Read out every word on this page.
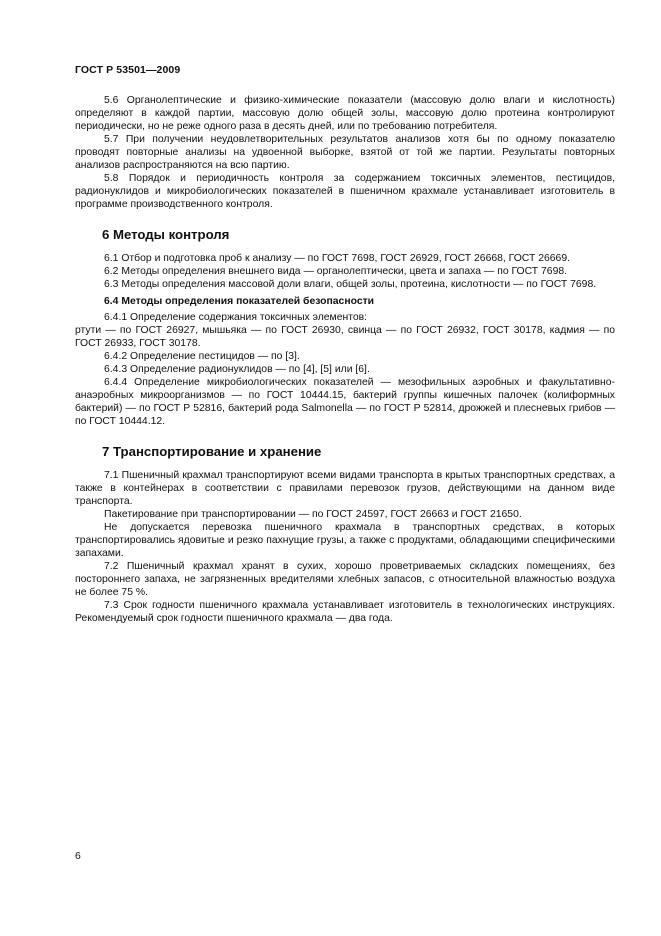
ГОСТ Р 53501—2009

5.6 Органолептические и физико-химические показатели (массовую долю влаги и кислотность) определяют в каждой партии, массовую долю общей золы, массовую долю протеина контролируют периодически, но не реже одного раза в десять дней, или по требованию потребителя.

5.7 При получении неудовлетворительных результатов анализов хотя бы по одному показателю проводят повторные анализы на удвоенной выборке, взятой от той же партии. Результаты повторных анализов распространяются на всю партию.

5.8 Порядок и периодичность контроля за содержанием токсичных элементов, пестицидов, радионуклидов и микробиологических показателей в пшеничном крахмале устанавливает изготовитель в программе производственного контроля.

6 Методы контроля

6.1 Отбор и подготовка проб к анализу — по ГОСТ 7698, ГОСТ 26929, ГОСТ 26668, ГОСТ 26669.

6.2 Методы определения внешнего вида — органолептически, цвета и запаха — по ГОСТ 7698.

6.3 Методы определения массовой доли влаги, общей золы, протеина, кислотности — по ГОСТ 7698.

6.4 Методы определения показателей безопасности

6.4.1 Определение содержания токсичных элементов:

ртути — по ГОСТ 26927, мышьяка — по ГОСТ 26930, свинца — по ГОСТ 26932, ГОСТ 30178, кадмия — по ГОСТ 26933, ГОСТ 30178.

6.4.2 Определение пестицидов — по [3].

6.4.3 Определение радионуклидов — по [4], [5] или [6].

6.4.4 Определение микробиологических показателей — мезофильных аэробных и факультативно-анаэробных микроорганизмов — по ГОСТ 10444.15, бактерий группы кишечных палочек (колиформных бактерий) — по ГОСТ Р 52816, бактерий рода Salmonella — по ГОСТ Р 52814, дрожжей и плесневых грибов — по ГОСТ 10444.12.

7 Транспортирование и хранение

7.1 Пшеничный крахмал транспортируют всеми видами транспорта в крытых транспортных средствах, а также в контейнерах в соответствии с правилами перевозок грузов, действующими на данном виде транспорта.

Пакетирование при транспортировании — по ГОСТ 24597, ГОСТ 26663 и ГОСТ 21650.

Не допускается перевозка пшеничного крахмала в транспортных средствах, в которых транспортировались ядовитые и резко пахнущие грузы, а также с продуктами, обладающими специфическими запахами.

7.2 Пшеничный крахмал хранят в сухих, хорошо проветриваемых складских помещениях, без постороннего запаха, не загрязненных вредителями хлебных запасов, с относительной влажностью воздуха не более 75 %.

7.3 Срок годности пшеничного крахмала устанавливает изготовитель в технологических инструкциях. Рекомендуемый срок годности пшеничного крахмала — два года.

6
